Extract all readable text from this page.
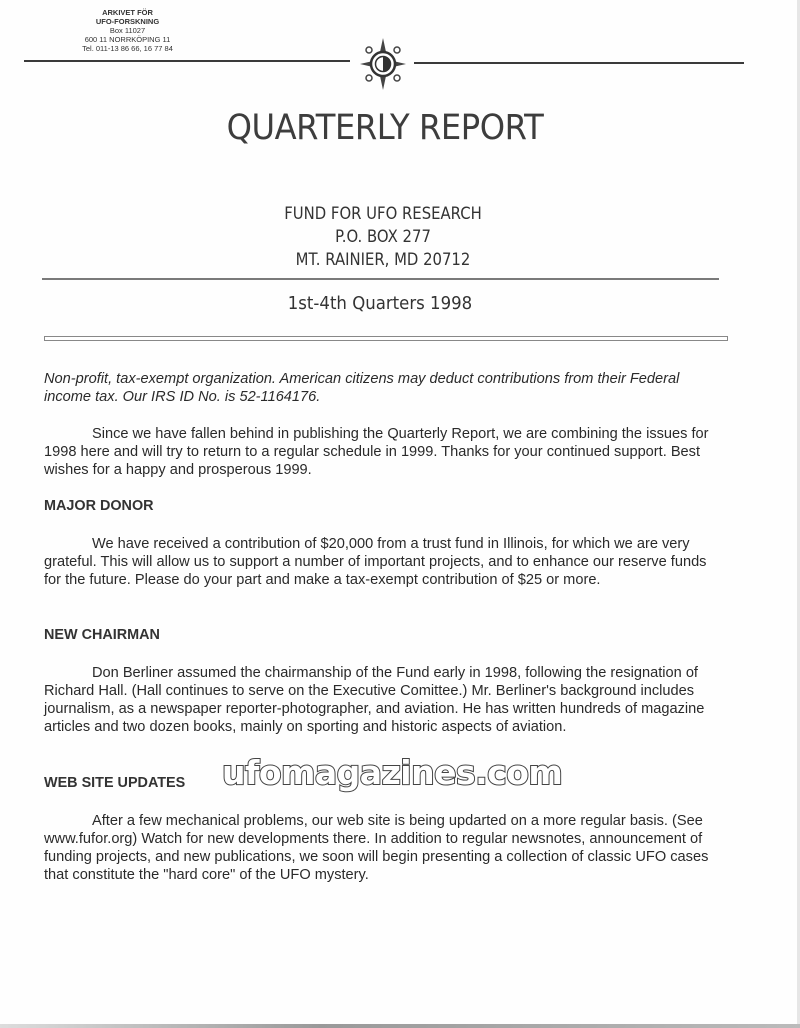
ARKIVET FÖR
UFO-FORSKNING
Box 11027
600 11 NORRKÖPING 11
Tel. 011-13 86 66, 16 77 84
QUARTERLY REPORT
FUND FOR UFO RESEARCH
P.O. BOX 277
MT. RAINIER, MD 20712
1st-4th Quarters 1998
Non-profit, tax-exempt organization. American citizens may deduct contributions from their Federal income tax. Our IRS ID No. is 52-1164176.

Since we have fallen behind in publishing the Quarterly Report, we are combining the issues for 1998 here and will try to return to a regular schedule in 1999. Thanks for your continued support. Best wishes for a happy and prosperous 1999.

MAJOR DONOR

We have received a contribution of $20,000 from a trust fund in Illinois, for which we are very grateful. This will allow us to support a number of important projects, and to enhance our reserve funds for the future. Please do your part and make a tax-exempt contribution of $25 or more.

NEW CHAIRMAN

Don Berliner assumed the chairmanship of the Fund early in 1998, following the resignation of Richard Hall. (Hall continues to serve on the Executive Comittee.) Mr. Berliner's background includes journalism, as a newspaper reporter-photographer, and aviation. He has written hundreds of magazine articles and two dozen books, mainly on sporting and historic aspects of aviation.

WEB SITE UPDATES

After a few mechanical problems, our web site is being updarted on a more regular basis. (See www.fufor.org) Watch for new developments there. In addition to regular newsnotes, announcement of funding projects, and new publications, we soon will begin presenting a collection of classic UFO cases that constitute the "hard core" of the UFO mystery.

ufomagazines.com
